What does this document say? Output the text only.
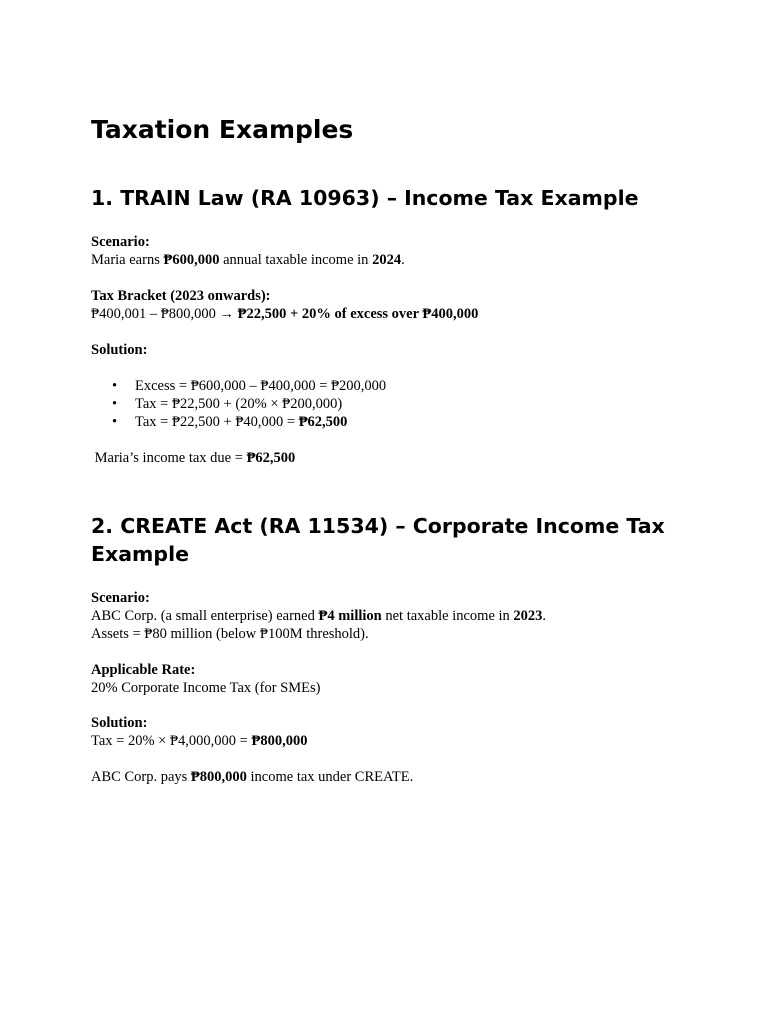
Taxation Examples
1. TRAIN Law (RA 10963) – Income Tax Example

Scenario:

Maria earns ₱600,000 annual taxable income in 2024.

Tax Bracket (2023 onwards):

₱400,001 – ₱800,000 → ₱22,500 + 20% of excess over ₱400,000

Solution:

• Excess = ₱600,000 – ₱400,000 = ₱200,000
• Tax = ₱22,500 + (20% × ₱200,000)
• Tax = ₱22,500 + ₱40,000 = ₱62,500

Maria’s income tax due = ₱62,500

2. CREATE Act (RA 11534) – Corporate Income Tax Example

Scenario:

ABC Corp. (a small enterprise) earned ₱4 million net taxable income in 2023.

Assets = ₱80 million (below ₱100M threshold).

Applicable Rate:

20% Corporate Income Tax (for SMEs)

Solution:

Tax = 20% × ₱4,000,000 = ₱800,000

ABC Corp. pays ₱800,000 income tax under CREATE.
